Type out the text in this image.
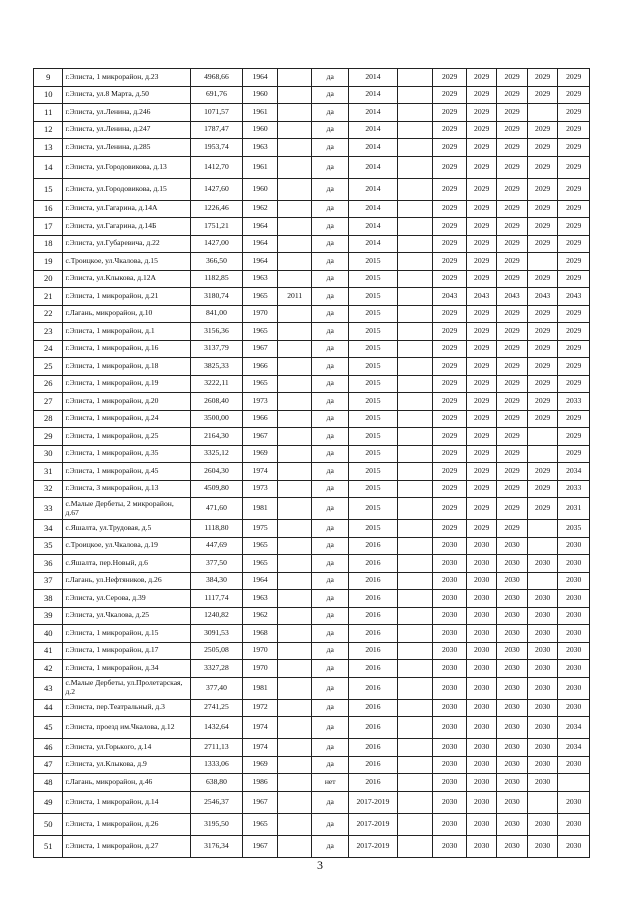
9	г.Элиста, 1 микрорайон, д.23	4968,66	1964		да	2014		2029	2029	2029	2029	2029
10	г.Элиста, ул.8 Марта, д.50	691,76	1960		да	2014		2029	2029	2029	2029	2029
11	г.Элиста, ул.Ленина, д.246	1071,57	1961		да	2014		2029	2029	2029		2029
12	г.Элиста, ул.Ленина, д.247	1787,47	1960		да	2014		2029	2029	2029	2029	2029
13	г.Элиста, ул.Ленина, д.285	1953,74	1963		да	2014		2029	2029	2029	2029	2029
14	г.Элиста, ул.Городовикова, д.13	1412,70	1961		да	2014		2029	2029	2029	2029	2029
15	г.Элиста, ул.Городовикова, д.15	1427,60	1960		да	2014		2029	2029	2029	2029	2029
16	г.Элиста, ул.Гагарина, д.14А	1226,46	1962		да	2014		2029	2029	2029	2029	2029
17	г.Элиста, ул.Гагарина, д.14Б	1751,21	1964		да	2014		2029	2029	2029	2029	2029
18	г.Элиста, ул.Губаревича, д.22	1427,00	1964		да	2014		2029	2029	2029	2029	2029
19	с.Троицкое, ул.Чкалова, д.15	366,50	1964		да	2015		2029	2029	2029		2029
20	г.Элиста, ул.Клыкова, д.12А	1182,85	1963		да	2015		2029	2029	2029	2029	2029
21	г.Элиста, 1 микрорайон, д.21	3180,74	1965	2011	да	2015		2043	2043	2043	2043	2043
22	г.Лагань, микрорайон, д.10	841,00	1970		да	2015		2029	2029	2029	2029	2029
23	г.Элиста, 1 микрорайон, д.1	3156,36	1965		да	2015		2029	2029	2029	2029	2029
24	г.Элиста, 1 микрорайон, д.16	3137,79	1967		да	2015		2029	2029	2029	2029	2029
25	г.Элиста, 1 микрорайон, д.18	3825,33	1966		да	2015		2029	2029	2029	2029	2029
26	г.Элиста, 1 микрорайон, д.19	3222,11	1965		да	2015		2029	2029	2029	2029	2029
27	г.Элиста, 1 микрорайон, д.20	2608,40	1973		да	2015		2029	2029	2029	2029	2033
28	г.Элиста, 1 микрорайон, д.24	3500,00	1966		да	2015		2029	2029	2029	2029	2029
29	г.Элиста, 1 микрорайон, д.25	2164,30	1967		да	2015		2029	2029	2029		2029
30	г.Элиста, 1 микрорайон, д.35	3325,12	1969		да	2015		2029	2029	2029		2029
31	г.Элиста, 1 микрорайон, д.45	2604,30	1974		да	2015		2029	2029	2029	2029	2034
32	г.Элиста, 3 микрорайон, д.13	4509,80	1973		да	2015		2029	2029	2029	2029	2033
33	с.Малые Дербеты, 2 микрорайон, д.67	471,60	1981		да	2015		2029	2029	2029	2029	2031
34	с.Яшалта, ул.Трудовая, д.5	1118,80	1975		да	2015		2029	2029	2029		2035
35	с.Троицкое, ул.Чкалова, д.19	447,69	1965		да	2016		2030	2030	2030		2030
36	с.Яшалта, пер.Новый, д.6	377,50	1965		да	2016		2030	2030	2030	2030	2030
37	г.Лагань, ул.Нефтяников, д.26	384,30	1964		да	2016		2030	2030	2030		2030
38	г.Элиста, ул.Серова, д.39	1117,74	1963		да	2016		2030	2030	2030	2030	2030
39	г.Элиста, ул.Чкалова, д.25	1240,82	1962		да	2016		2030	2030	2030	2030	2030
40	г.Элиста, 1 микрорайон, д.15	3091,53	1968		да	2016		2030	2030	2030	2030	2030
41	г.Элиста, 1 микрорайон, д.17	2505,08	1970		да	2016		2030	2030	2030	2030	2030
42	г.Элиста, 1 микрорайон, д.34	3327,28	1970		да	2016		2030	2030	2030	2030	2030
43	с.Малые Дербеты, ул.Пролетарская, д.2	377,40	1981		да	2016		2030	2030	2030	2030	2030
44	г.Элиста, пер.Театральный, д.3	2741,25	1972		да	2016		2030	2030	2030	2030	2030
45	г.Элиста, проезд им.Чкалова, д.12	1432,64	1974		да	2016		2030	2030	2030	2030	2034
46	г.Элиста, ул.Горького, д.14	2711,13	1974		да	2016		2030	2030	2030	2030	2034
47	г.Элиста, ул.Клыкова, д.9	1333,06	1969		да	2016		2030	2030	2030	2030	2030
48	г.Лагань, микрорайон, д.46	638,80	1986		нет	2016		2030	2030	2030	2030	
49	г.Элиста, 1 микрорайон, д.14	2546,37	1967		да	2017-2019		2030	2030	2030		2030
50	г.Элиста, 1 микрорайон, д.26	3195,50	1965		да	2017-2019		2030	2030	2030	2030	2030
51	г.Элиста, 1 микрорайон, д.27	3176,34	1967		да	2017-2019		2030	2030	2030	2030	2030
3
